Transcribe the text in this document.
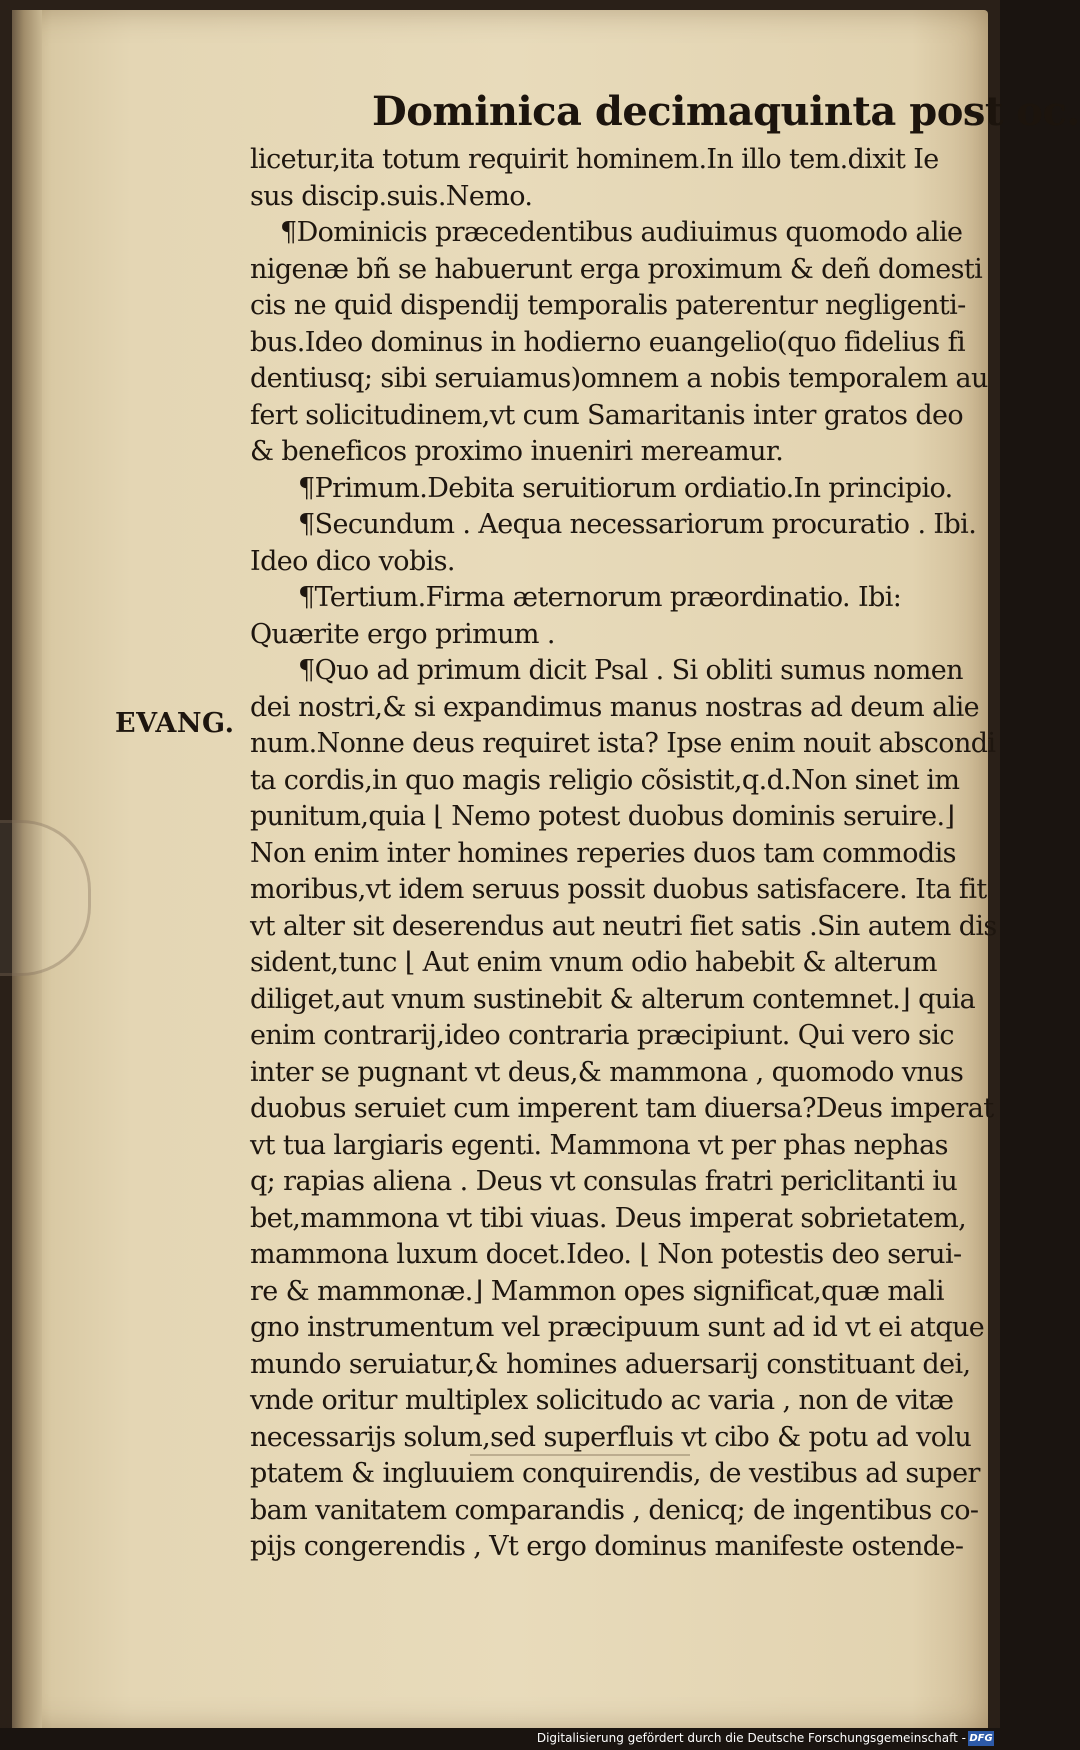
Dominica decimaquinta post oc.
EVANG.
licetur,ita totum requirit hominem.In illo tem.dixit Ie
sus discip.suis.Nemo.
¶Dominicis præcedentibus audiuimus quomodo alie
nigenæ bñ se habuerunt erga proximum & deñ domesti
cis ne quid dispendij temporalis paterentur negligenti-
bus.Ideo dominus in hodierno euangelio(quo fidelius fi
dentiusq; sibi seruiamus)omnem a nobis temporalem au
fert solicitudinem,vt cum Samaritanis inter gratos deo
& beneficos proximo inueniri mereamur.
¶Primum.Debita seruitiorum ordiatio.In principio.
¶Secundum . Aequa necessariorum procuratio . Ibi.
Ideo dico vobis.
¶Tertium.Firma æternorum præordinatio. Ibi:
Quærite ergo primum .
¶Quo ad primum dicit Psal . Si obliti sumus nomen
dei nostri,& si expandimus manus nostras ad deum alie
num.Nonne deus requiret ista? Ipse enim nouit abscondi
ta cordis,in quo magis religio cõsistit,q.d.Non sinet im
punitum,quia ⌊ Nemo potest duobus dominis seruire.⌋
Non enim inter homines reperies duos tam commodis
moribus,vt idem seruus possit duobus satisfacere. Ita fit
vt alter sit deserendus aut neutri fiet satis .Sin autem dis
sident,tunc ⌊ Aut enim vnum odio habebit & alterum
diliget,aut vnum sustinebit & alterum contemnet.⌋ quia
enim contrarij,ideo contraria præcipiunt. Qui vero sic
inter se pugnant vt deus,& mammona , quomodo vnus
duobus seruiet cum imperent tam diuersa?Deus imperat
vt tua largiaris egenti. Mammona vt per phas nephas
q; rapias aliena . Deus vt consulas fratri periclitanti iu
bet,mammona vt tibi viuas. Deus imperat sobrietatem,
mammona luxum docet.Ideo. ⌊ Non potestis deo serui-
re & mammonæ.⌋ Mammon opes significat,quæ mali
gno instrumentum vel præcipuum sunt ad id vt ei atque
mundo seruiatur,& homines aduersarij constituant dei,
vnde oritur multiplex solicitudo ac varia , non de vitæ
necessarijs solum,sed superfluis vt cibo & potu ad volu
ptatem & ingluuiem conquirendis, de vestibus ad super
bam vanitatem comparandis , denicq; de ingentibus co-
pijs congerendis , Vt ergo dominus manifeste ostende-
Digitalisierung gefördert durch die Deutsche Forschungsgemeinschaft - DFG
